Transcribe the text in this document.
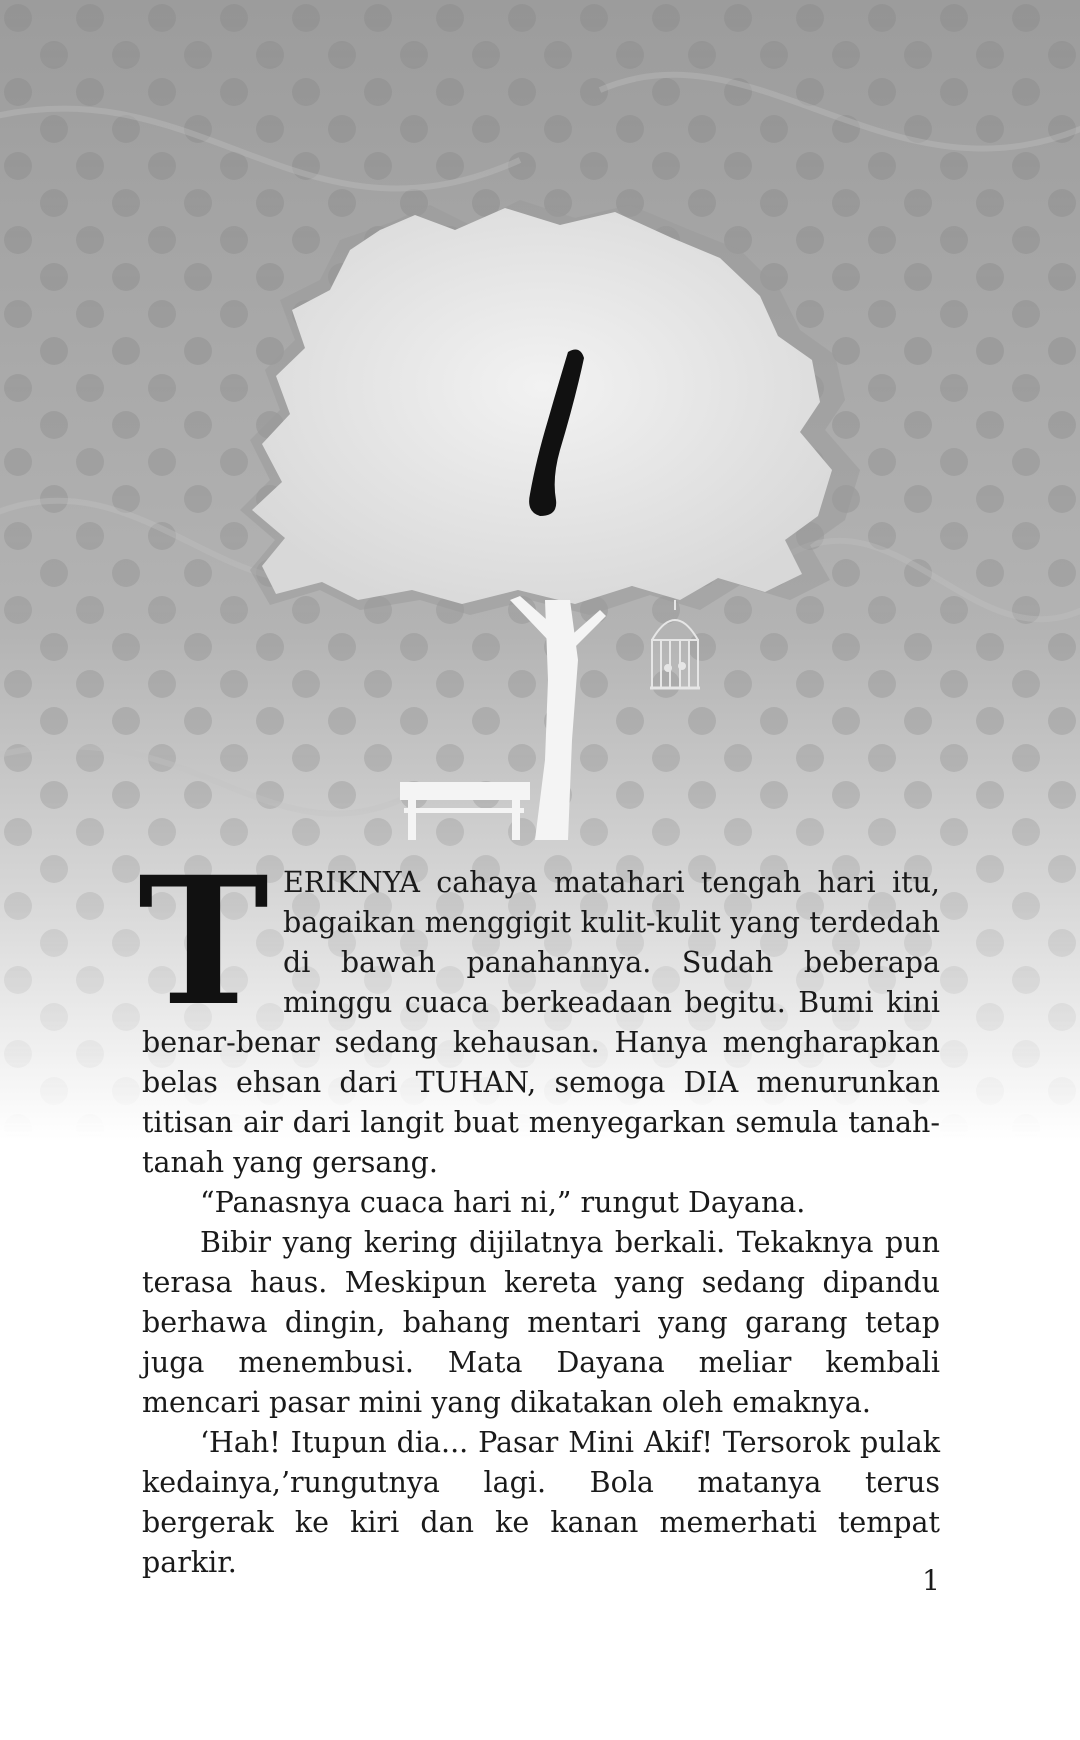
TERIKNYA cahaya matahari tengah hari itu, bagaikan menggigit kulit-kulit yang terdedah di bawah panahannya. Sudah beberapa minggu cuaca berkeadaan begitu. Bumi kini benar-benar sedang kehausan. Hanya mengharapkan belas ehsan dari TUHAN, semoga DIA menurunkan titisan air dari langit buat menyegarkan semula tanah-tanah yang gersang.

“Panasnya cuaca hari ni,” rungut Dayana.

Bibir yang kering dijilatnya berkali. Tekaknya pun terasa haus. Meskipun kereta yang sedang dipandu berhawa dingin, bahang mentari yang garang tetap juga menembusi. Mata Dayana meliar kembali mencari pasar mini yang dikatakan oleh emaknya.

‘Hah! Itupun dia... Pasar Mini Akif! Tersorok pulak kedainya,’rungutnya lagi. Bola matanya terus bergerak ke kiri dan ke kanan memerhati tempat parkir.

1
